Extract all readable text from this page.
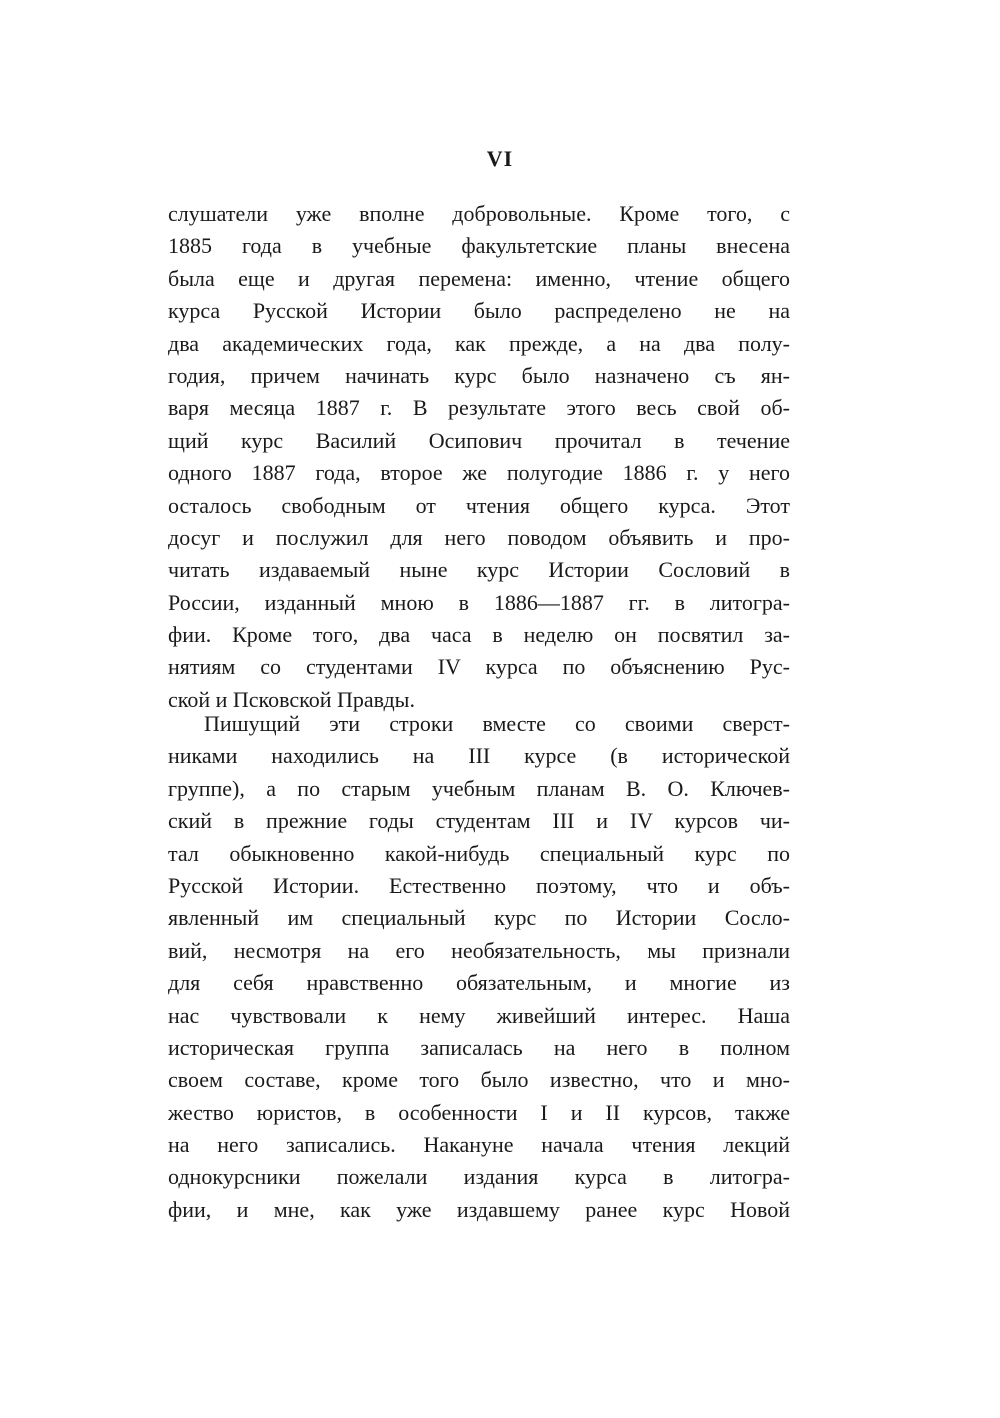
VI
слушатели уже вполне добровольные. Кроме того, с
1885 года в учебные факультетские планы внесена
была еще и другая перемена: именно, чтение общего
курса Русской Истории было распределено не на
два академических года, как прежде, а на два полу-
годия, причем начинать курс было назначено съ ян-
варя месяца 1887 г. В результате этого весь свой об-
щий курс Василий Осипович прочитал в течение
одного 1887 года, второе же полугодие 1886 г. у него
осталось свободным от чтения общего курса. Этот
досуг и послужил для него поводом объявить и про-
читать издаваемый ныне курс Истории Сословий в
России, изданный мною в 1886—1887 гг. в литогра-
фии. Кроме того, два часа в неделю он посвятил за-
нятиям со студентами IV курса по объяснению Рус-
ской и Псковской Правды.
Пишущий эти строки вместе со своими сверст-
никами находились на III курсе (в исторической
группе), а по старым учебным планам В. О. Ключев-
ский в прежние годы студентам III и IV курсов чи-
тал обыкновенно какой-нибудь специальный курс по
Русской Истории. Естественно поэтому, что и объ-
явленный им специальный курс по Истории Сосло-
вий, несмотря на его необязательность, мы признали
для себя нравственно обязательным, и многие из
нас чувствовали к нему живейший интерес. Наша
историческая группа записалась на него в полном
своем составе, кроме того было известно, что и мно-
жество юристов, в особенности I и II курсов, также
на него записались. Накануне начала чтения лекций
однокурсники пожелали издания курса в литогра-
фии, и мне, как уже издавшему ранее курс Новой
